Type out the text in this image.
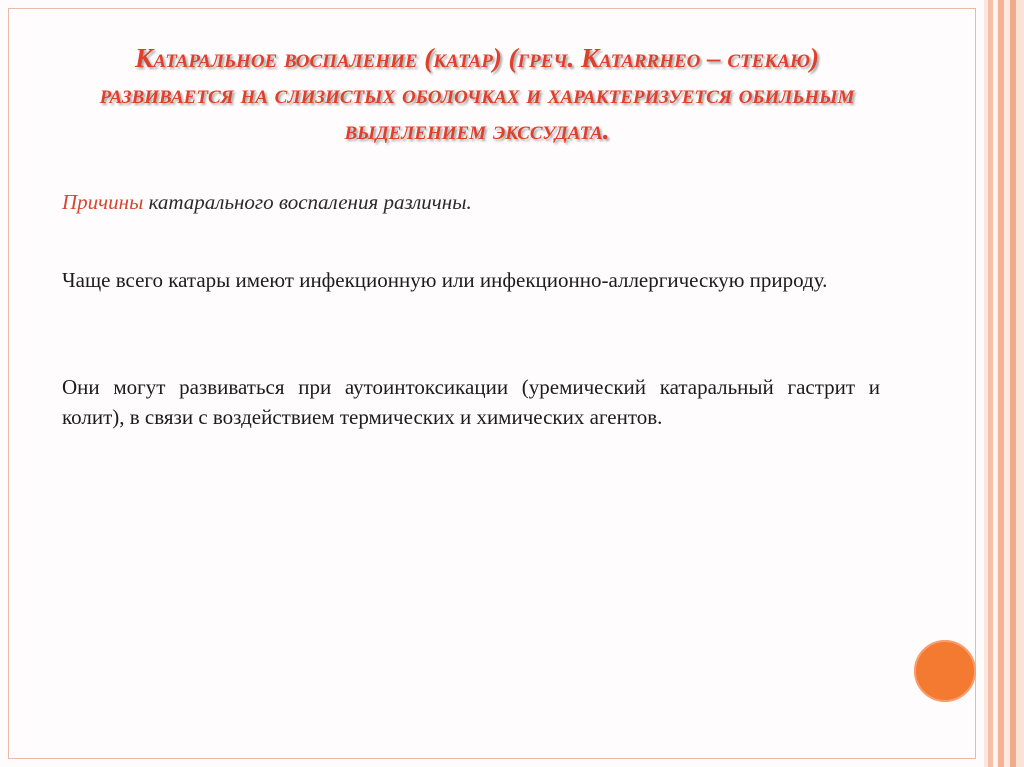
Катаральное воспаление (катар) (греч. Katarrheo – стекаю) развивается на слизистых оболочках и характеризуется обильным выделением экссудата.

Причины катарального воспаления различны.

Чаще всего катары имеют инфекционную или инфекционно-аллергическую природу.

Они могут развиваться при аутоинтоксикации (уремический катаральный гастрит и колит), в связи с воздействием термических и химических агентов.
